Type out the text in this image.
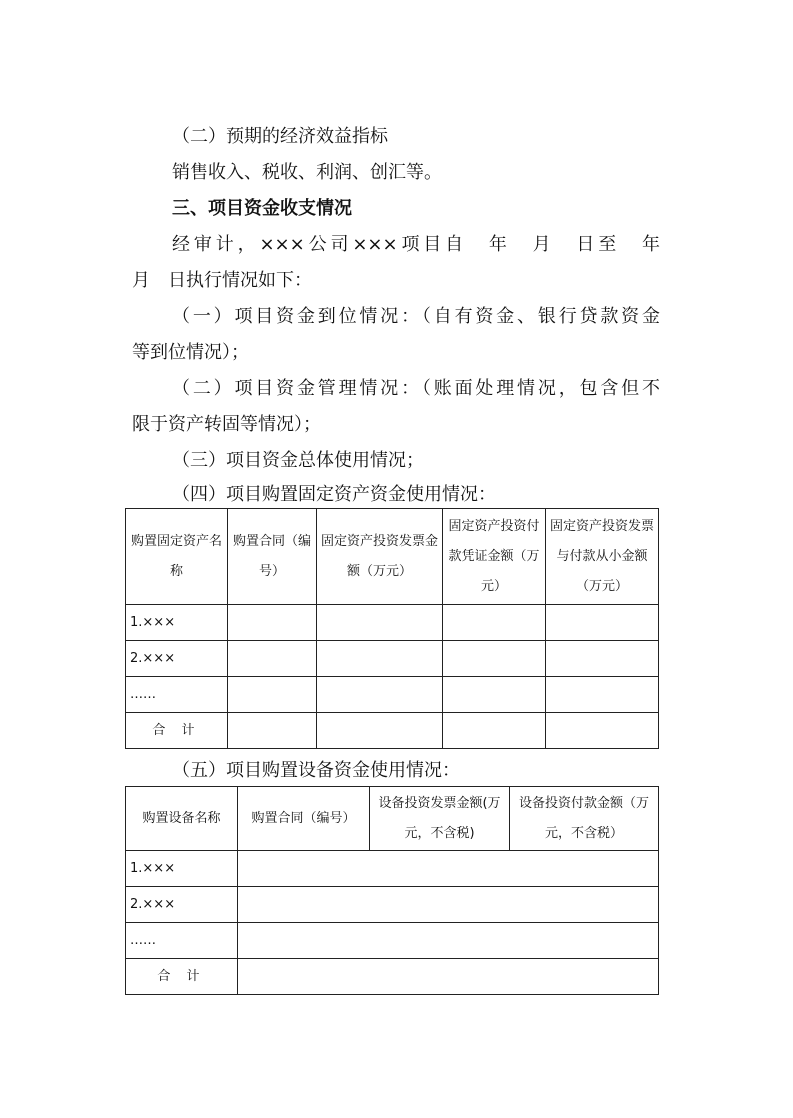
（二）预期的经济效益指标
销售收入、税收、利润、创汇等。
三、项目资金收支情况
经审计，×××公司×××项目自　年　月　日至　年
月　日执行情况如下：
（一）项目资金到位情况：（自有资金、银行贷款资金
等到位情况）；
（二）项目资金管理情况：（账面处理情况，包含但不
限于资产转固等情况）；
（三）项目资金总体使用情况；
（四）项目购置固定资产资金使用情况：
购置固定资产名称	购置合同（编号）	固定资产投资发票金额（万元）	固定资产投资付款凭证金额（万元）	固定资产投资发票与付款从小金额（万元）

1.×××				
2.×××				
……				
合 计				
（五）项目购置设备资金使用情况：
购置设备名称	购置合同（编号）	设备投资发票金额(万元，不含税)	设备投资付款金额（万元，不含税）

1.×××			
2.×××			
……			
合 计			
